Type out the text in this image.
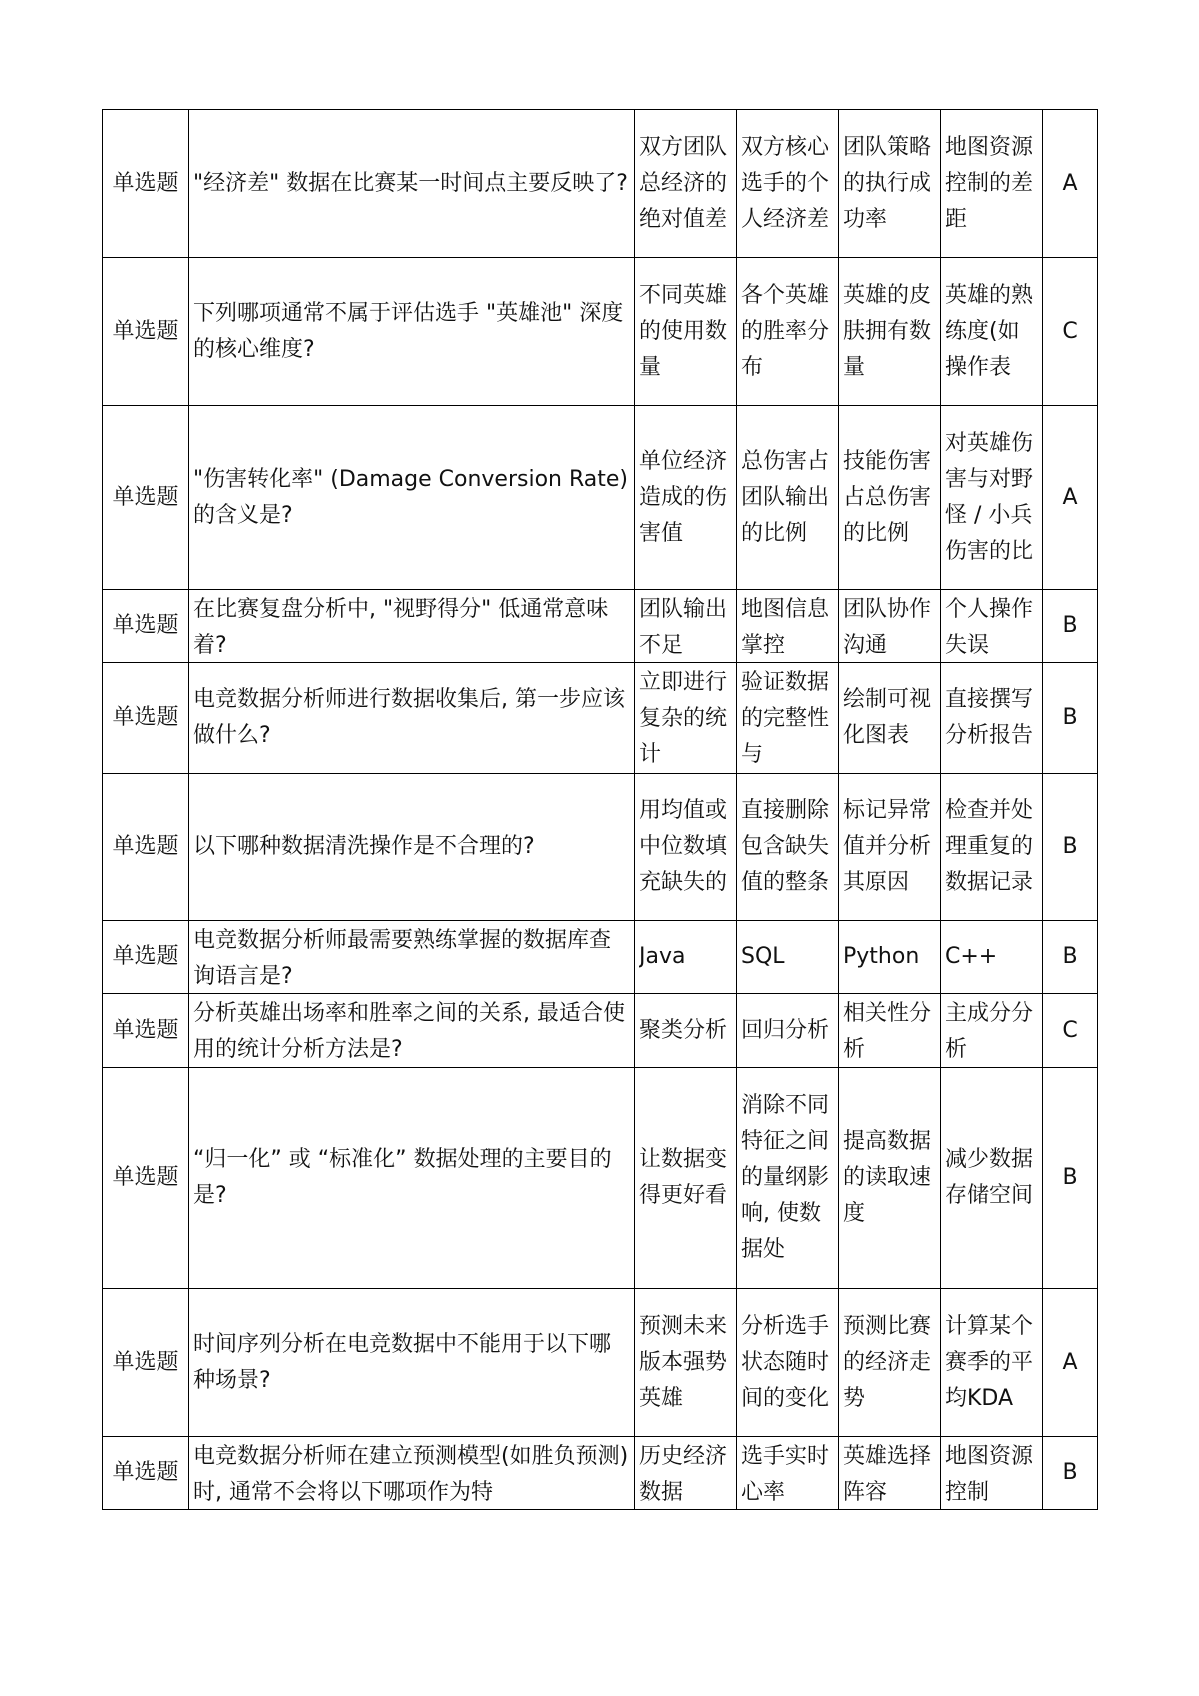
单选题	"经济差" 数据在比赛某一时间点主要反映了?	双方团队总经济的绝对值差	双方核心选手的个人经济差	团队策略的执行成功率	地图资源控制的差距	A

单选题	下列哪项通常不属于评估选手 "英雄池" 深度的核心维度?	不同英雄的使用数量	各个英雄的胜率分布	英雄的皮肤拥有数量	英雄的熟练度(如操作表	C

单选题	"伤害转化率" (Damage Conversion Rate)的含义是?	单位经济造成的伤害值	总伤害占团队输出的比例	技能伤害占总伤害的比例	对英雄伤害与对野怪 / 小兵伤害的比	A

单选题	在比赛复盘分析中, "视野得分" 低通常意味着?	团队输出不足	地图信息掌控	团队协作沟通	个人操作失误	B

单选题	电竞数据分析师进行数据收集后, 第一步应该做什么?	立即进行复杂的统计	验证数据的完整性与	绘制可视化图表	直接撰写分析报告	B

单选题	以下哪种数据清洗操作是不合理的?	用均值或中位数填充缺失的	直接删除包含缺失值的整条	标记异常值并分析其原因	检查并处理重复的数据记录	B

单选题	电竞数据分析师最需要熟练掌握的数据库查询语言是?	Java	SQL	Python	C++	B

单选题	分析英雄出场率和胜率之间的关系, 最适合使用的统计分析方法是?	聚类分析	回归分析	相关性分析	主成分分析	C

单选题	“归一化” 或 “标准化” 数据处理的主要目的是?	让数据变得更好看	消除不同特征之间的量纲影响, 使数据处	提高数据的读取速度	减少数据存储空间	B

单选题	时间序列分析在电竞数据中不能用于以下哪种场景?	预测未来版本强势英雄	分析选手状态随时间的变化	预测比赛的经济走势	计算某个赛季的平均KDA	A

单选题	电竞数据分析师在建立预测模型(如胜负预测)时, 通常不会将以下哪项作为特	历史经济数据	选手实时心率	英雄选择阵容	地图资源控制	B
